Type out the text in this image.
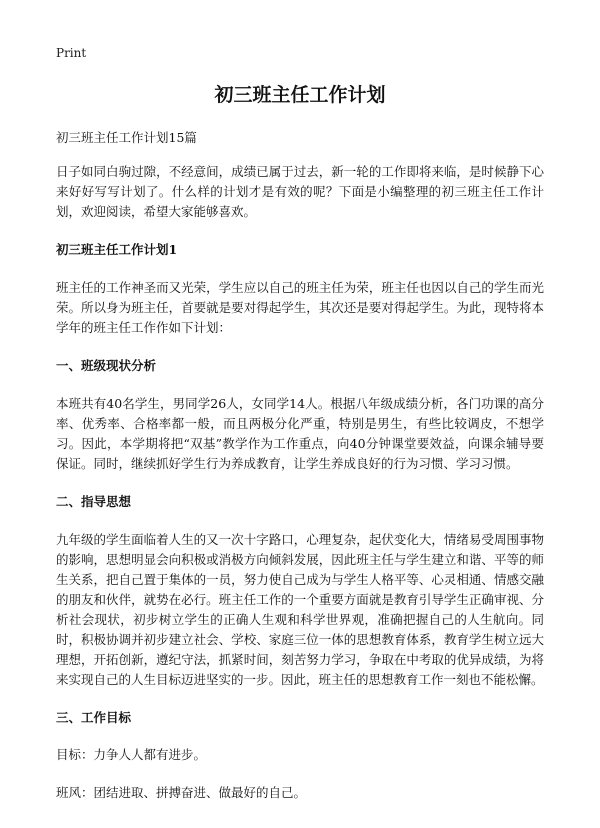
Print
初三班主任工作计划
初三班主任工作计划15篇
日子如同白驹过隙，不经意间，成绩已属于过去，新一轮的工作即将来临，是时候静下心来好好写写计划了。什么样的计划才是有效的呢？下面是小编整理的初三班主任工作计划，欢迎阅读，希望大家能够喜欢。
初三班主任工作计划1
班主任的工作神圣而又光荣，学生应以自己的班主任为荣，班主任也因以自己的学生而光荣。所以身为班主任，首要就是要对得起学生，其次还是要对得起学生。为此，现特将本学年的班主任工作作如下计划：
一、班级现状分析
本班共有40名学生，男同学26人，女同学14人。根据八年级成绩分析，各门功课的高分率、优秀率、合格率都一般，而且两极分化严重，特别是男生，有些比较调皮，不想学习。因此，本学期将把“双基”教学作为工作重点，向40分钟课堂要效益，向课余辅导要保证。同时，继续抓好学生行为养成教育，让学生养成良好的行为习惯、学习习惯。
二、指导思想
九年级的学生面临着人生的又一次十字路口，心理复杂，起伏变化大，情绪易受周围事物的影响，思想明显会向积极或消极方向倾斜发展，因此班主任与学生建立和谐、平等的师生关系，把自己置于集体的一员，努力使自己成为与学生人格平等、心灵相通、情感交融的朋友和伙伴，就势在必行。班主任工作的一个重要方面就是教育引导学生正确审视、分析社会现状，初步树立学生的正确人生观和科学世界观，准确把握自己的人生航向。同时，积极协调并初步建立社会、学校、家庭三位一体的思想教育体系，教育学生树立远大理想，开拓创新，遵纪守法，抓紧时间，刻苦努力学习，争取在中考取的优异成绩，为将来实现自己的人生目标迈进坚实的一步。因此，班主任的思想教育工作一刻也不能松懈。
三、工作目标
目标：力争人人都有进步。
班风：团结进取、拼搏奋进、做最好的自己。
